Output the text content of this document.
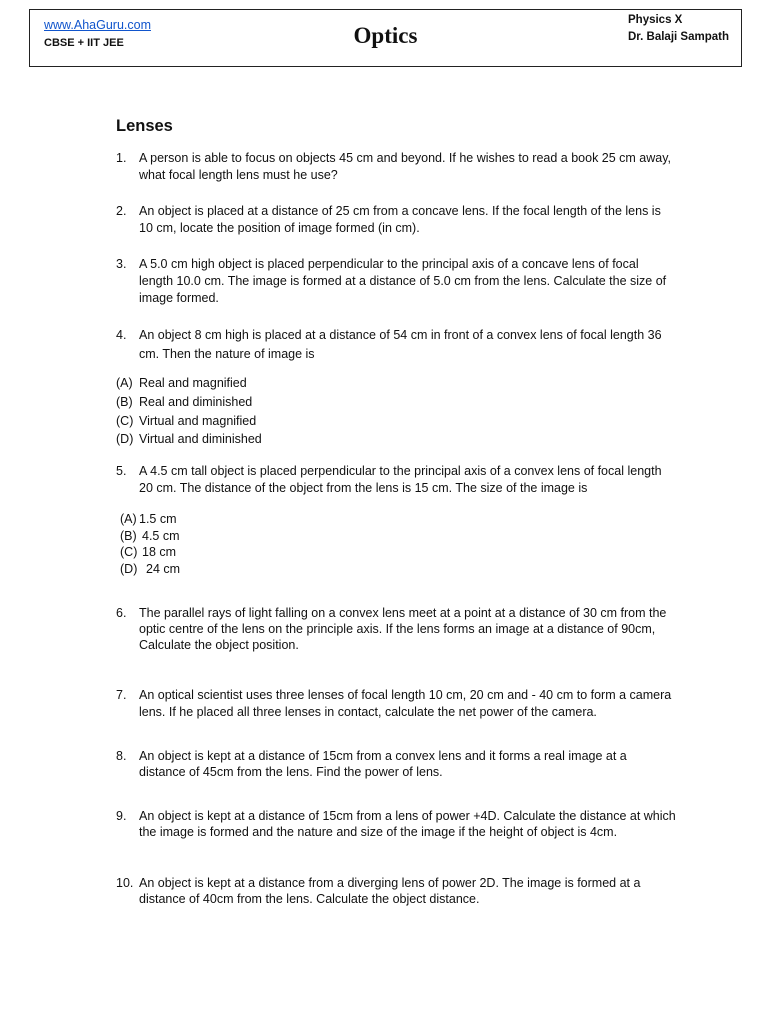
www.AhaGuru.com
CBSE + IIT JEE	Optics
Physics X
Dr. Balaji Sampath
Lenses
1. A person is able to focus on objects 45 cm and beyond. If he wishes to read a book 25 cm away, what focal length lens must he use?
2. An object is placed at a distance of 25 cm from a concave lens. If the focal length of the lens is 10 cm, locate the position of image formed (in cm).
3. A 5.0 cm high object is placed perpendicular to the principal axis of a concave lens of focal length 10.0 cm. The image is formed at a distance of 5.0 cm from the lens. Calculate the size of image formed.
4. An object 8 cm high is placed at a distance of 54 cm in front of a convex lens of focal length 36 cm. Then the nature of image is
(A) Real and magnified
(B) Real and diminished
(C) Virtual and magnified
(D) Virtual and diminished
5. A 4.5 cm tall object is placed perpendicular to the principal axis of a convex lens of focal length 20 cm. The distance of the object from the lens is 15 cm. The size of the image is
(A) 1.5 cm
(B) 4.5 cm
(C) 18 cm
(D) 24 cm
6. The parallel rays of light falling on a convex lens meet at a point at a distance of 30 cm from the optic centre of the lens on the principle axis. If the lens forms an image at a distance of 90cm, Calculate the object position.
7. An optical scientist uses three lenses of focal length 10 cm, 20 cm and - 40 cm to form a camera lens. If he placed all three lenses in contact, calculate the net power of the camera.
8. An object is kept at a distance of 15cm from a convex lens and it forms a real image at a distance of 45cm from the lens. Find the power of lens.
9. An object is kept at a distance of 15cm from a lens of power +4D. Calculate the distance at which the image is formed and the nature and size of the image if the height of object is 4cm.
10. An object is kept at a distance from a diverging lens of power 2D. The image is formed at a distance of 40cm from the lens. Calculate the object distance.
